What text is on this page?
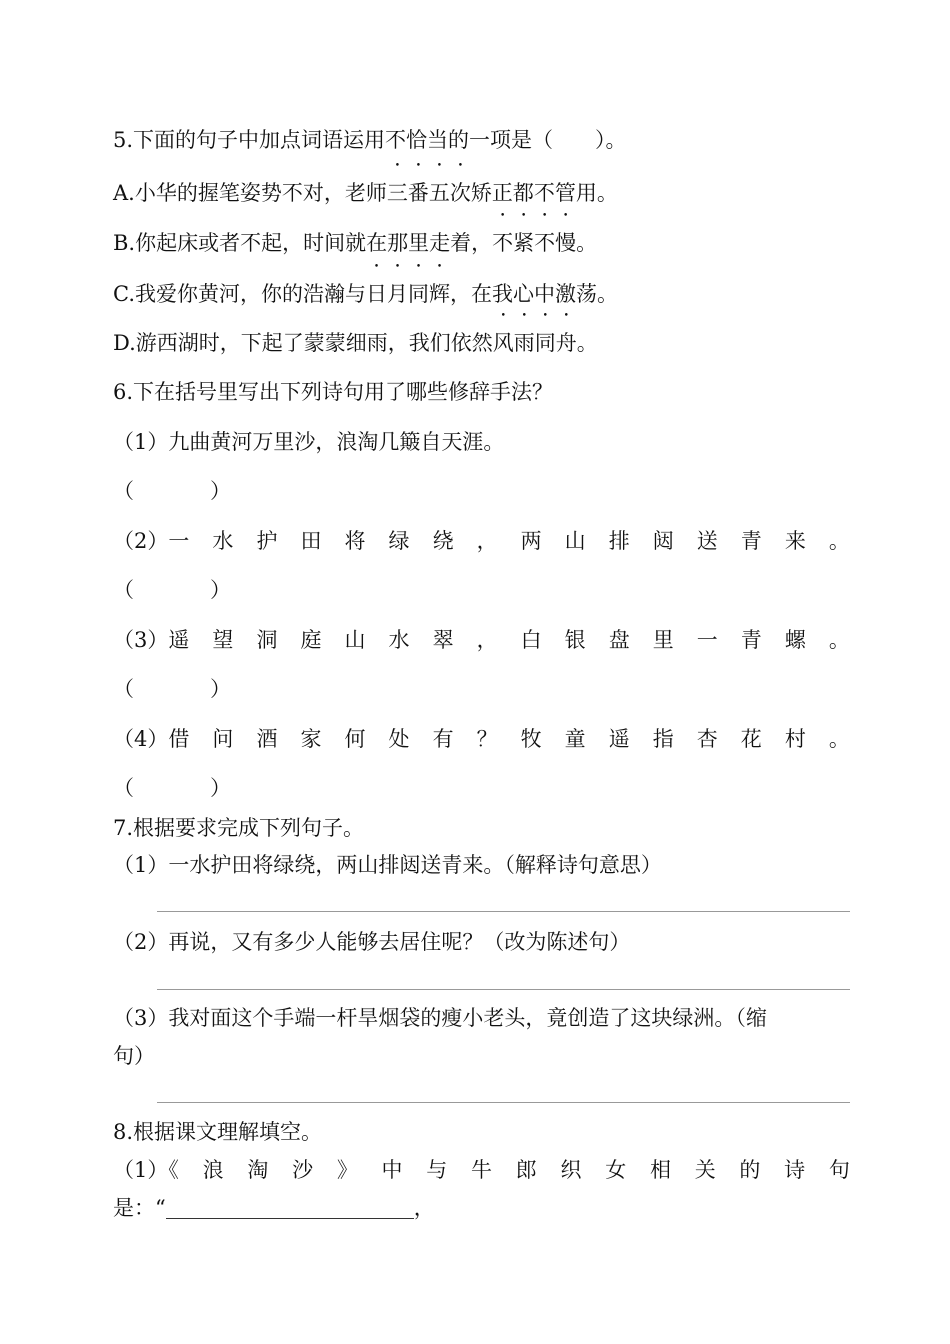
5.下面的句子中加点词语运用不恰当的一项是（　　）。
A.小华的握笔姿势不对，老师三番五次矫正都不管用。
B.你起床或者不起，时间就在那里走着，不紧不慢。
C.我爱你黄河，你的浩瀚与日月同辉，在我心中激荡。
D.游西湖时，下起了蒙蒙细雨，我们依然风雨同舟。
6.下在括号里写出下列诗句用了哪些修辞手法？
（1）九曲黄河万里沙，浪淘几簸自天涯。
（	）
（2）一 水 护 田 将 绿 绕 ， 两 山 排 闼 送 青 来 。
（	）
（3）遥 望 洞 庭 山 水 翠 ， 白 银 盘 里 一 青 螺 。
（	）
（4）借 问 酒 家 何 处 有 ？ 牧 童 遥 指 杏 花 村 。
（	）
7.根据要求完成下列句子。
（1）一水护田将绿绕，两山排闼送青来。（解释诗句意思）
（2）再说，又有多少人能够去居住呢？（改为陈述句）
（3）我对面这个手端一杆旱烟袋的瘦小老头，竟创造了这块绿洲。（缩
句）
8.根据课文理解填空。
（1）《 浪 淘 沙 》 中 与 牛 郎 织 女 相 关 的 诗 句
是：“	，
